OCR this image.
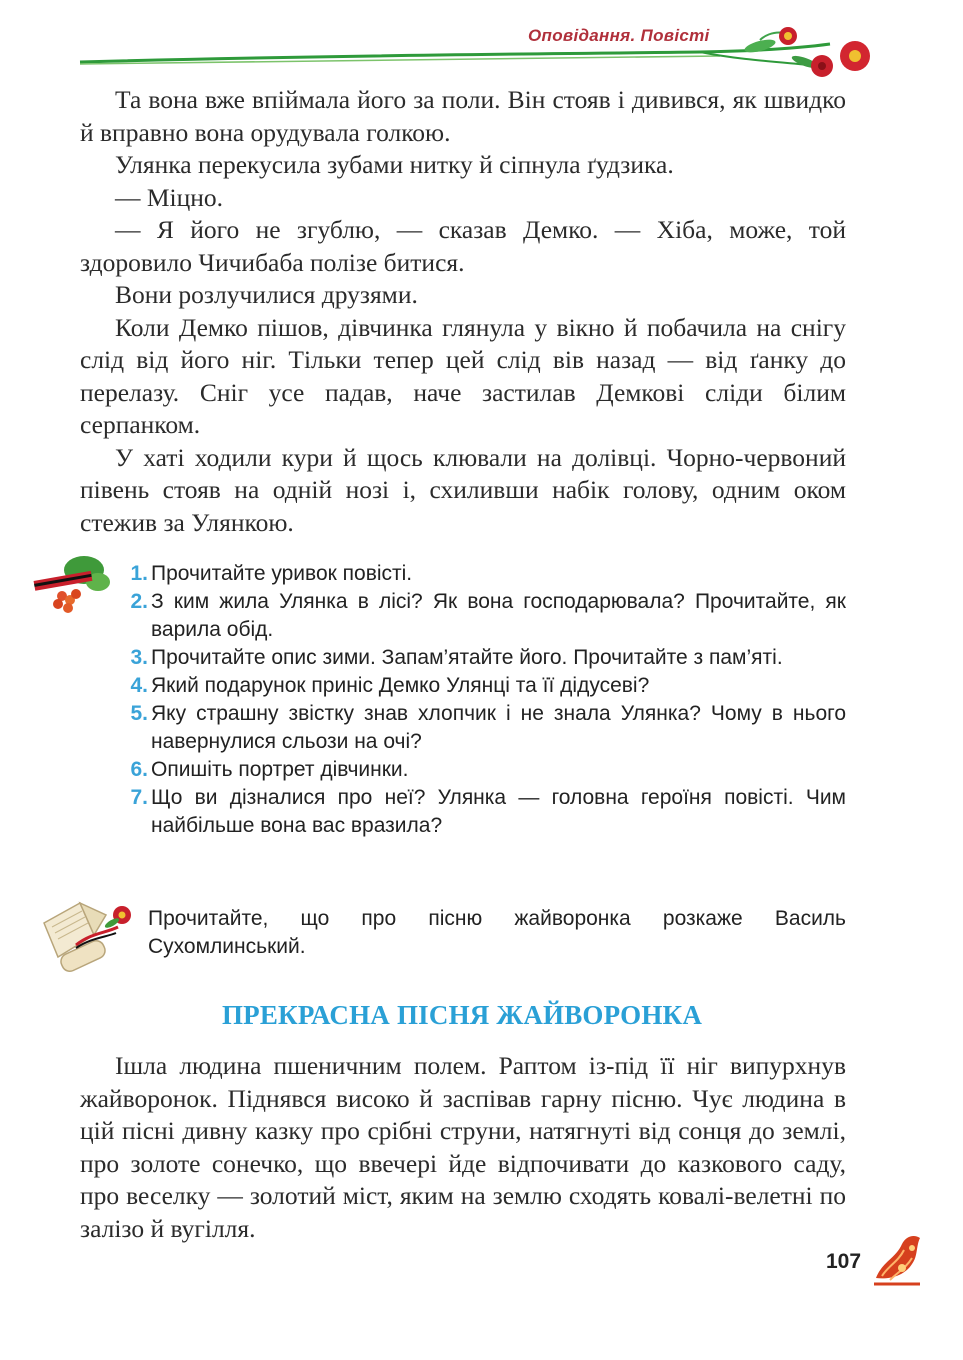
Оповідання. Повісті

Та вона вже впіймала його за поли. Він стояв і дивився, як швидко й вправно вона орудувала голкою.

Улянка перекусила зубами нитку й сіпнула ґудзика.

— Міцно.

— Я його не згублю, — сказав Демко. — Хіба, може, той здоровило Чичибаба полізе битися.

Вони розлучилися друзями.

Коли Демко пішов, дівчинка глянула у вікно й побачила на снігу слід від його ніг. Тільки тепер цей слід вів назад — від ґанку до перелазу. Сніг усе падав, наче застилав Демкові сліди білим серпанком.

У хаті ходили кури й щось клювали на долівці. Чорно-червоний півень стояв на одній нозі і, схиливши набік голову, одним оком стежив за Улянкою.

1. Прочитайте уривок повісті.
2. З ким жила Улянка в лісі? Як вона господарювала? Прочитайте, як варила обід.
3. Прочитайте опис зими. Запам’ятайте його. Прочитайте з пам’яті.
4. Який подарунок приніс Демко Улянці та її дідусеві?
5. Яку страшну звістку знав хлопчик і не знала Улянка? Чому в нього навернулися сльози на очі?
6. Опишіть портрет дівчинки.
7. Що ви дізналися про неї? Улянка — головна героїня повісті. Чим найбільше вона вас вразила?
Прочитайте, що про пісню жайворонка розкаже Василь Сухомлинський.
ПРЕКРАСНА ПІСНЯ ЖАЙВОРОНКА

Ішла людина пшеничним полем. Раптом із-під її ніг випурхнув жайворонок. Піднявся високо й заспівав гарну пісню. Чує людина в цій пісні дивну казку про срібні струни, натягнуті від сонця до землі, про золоте сонечко, що ввечері йде відпочивати до казкового саду, про веселку — золотий міст, яким на землю сходять ковалі-велетні по залізо й вугілля.

107
